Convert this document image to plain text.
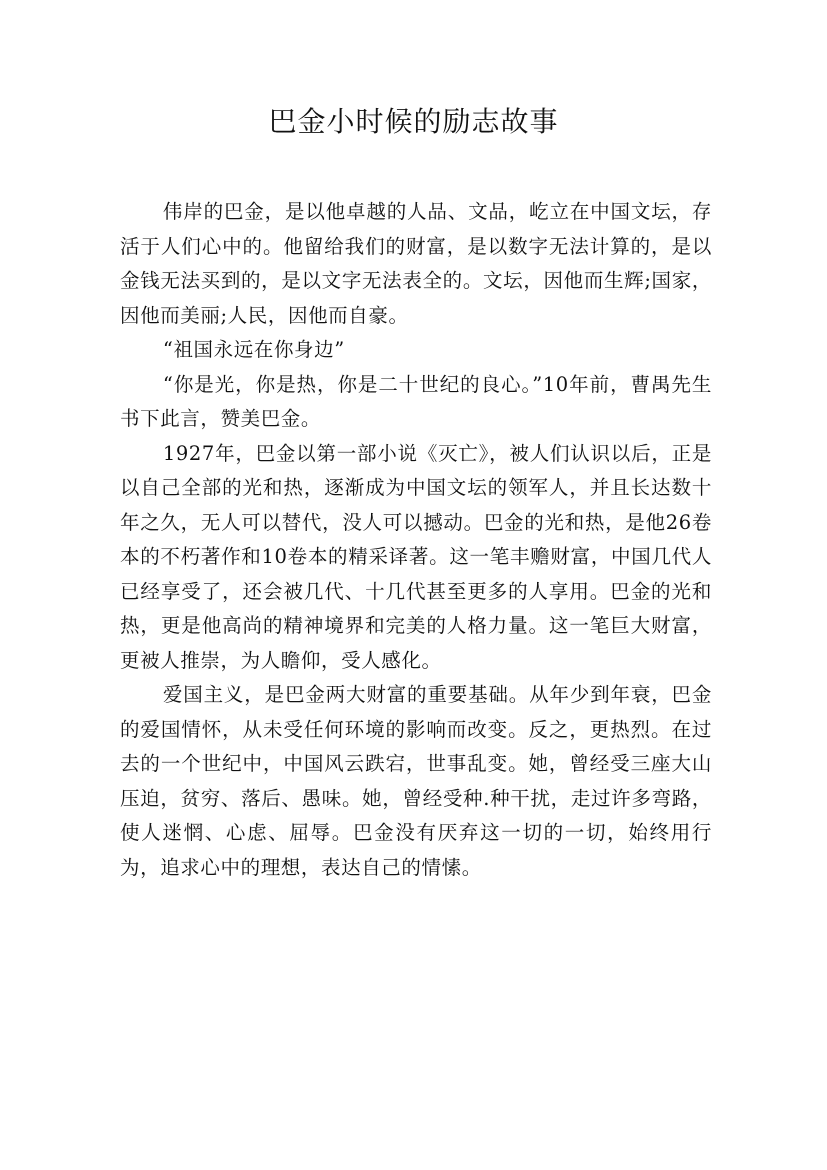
巴金小时候的励志故事

伟岸的巴金，是以他卓越的人品、文品，屹立在中国文坛，存活于人们心中的。他留给我们的财富，是以数字无法计算的，是以金钱无法买到的，是以文字无法表全的。文坛，因他而生辉;国家，因他而美丽;人民，因他而自豪。

“祖国永远在你身边”

“你是光，你是热，你是二十世纪的良心。”10年前，曹禺先生书下此言，赞美巴金。

1927年，巴金以第一部小说《灭亡》，被人们认识以后，正是以自己全部的光和热，逐渐成为中国文坛的领军人，并且长达数十年之久，无人可以替代，没人可以撼动。巴金的光和热，是他26卷本的不朽著作和10卷本的精采译著。这一笔丰赡财富，中国几代人已经享受了，还会被几代、十几代甚至更多的人享用。巴金的光和热，更是他高尚的精神境界和完美的人格力量。这一笔巨大财富，更被人推崇，为人瞻仰，受人感化。

爱国主义，是巴金两大财富的重要基础。从年少到年衰，巴金的爱国情怀，从未受任何环境的影响而改变。反之，更热烈。在过去的一个世纪中，中国风云跌宕，世事乱变。她，曾经受三座大山压迫，贫穷、落后、愚味。她，曾经受种.种干扰，走过许多弯路，使人迷惘、心虑、屈辱。巴金没有厌弃这一切的一切，始终用行为，追求心中的理想，表达自己的情愫。
